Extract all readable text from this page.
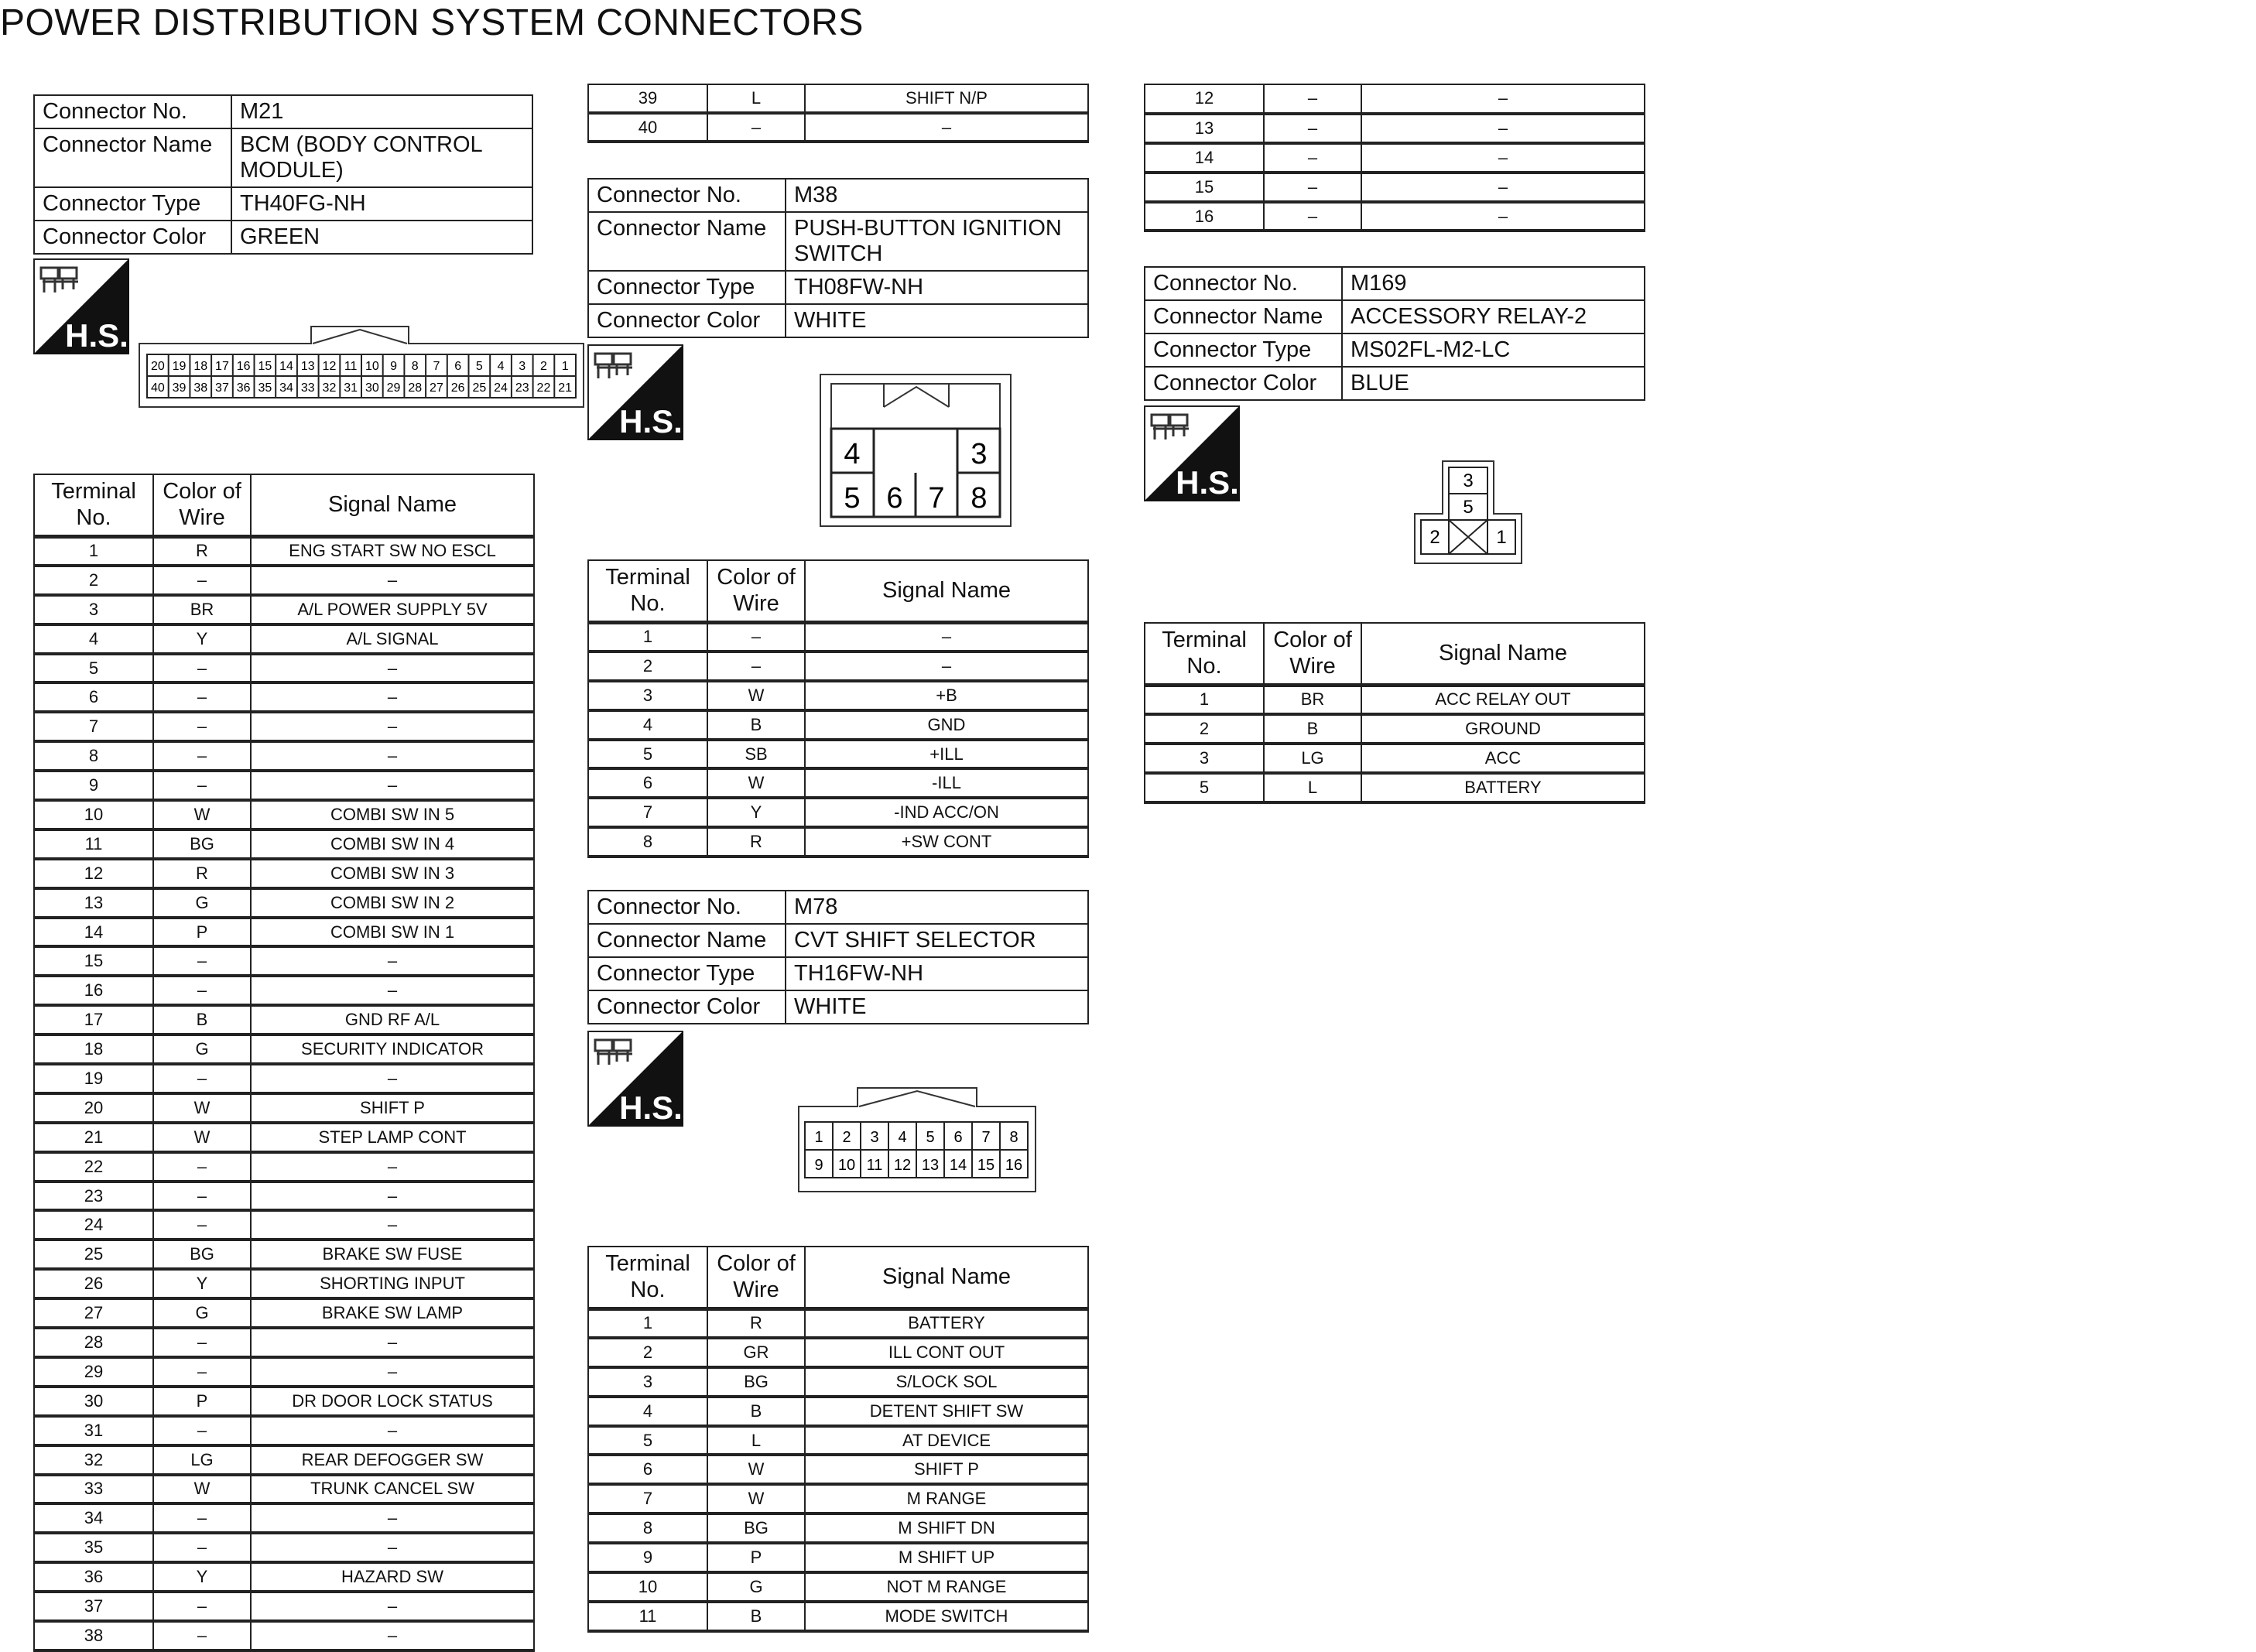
POWER DISTRIBUTION SYSTEM CONNECTORS
Connector No.	M21
Connector Name	BCM (BODY CONTROL MODULE)
Connector Type	TH40FG-NH
Connector Color	GREEN
H.S.
20 19 18 17 16 15 14 13 12 11 10 9 8 7 6 5 4 3 2 1
40 39 38 37 36 35 34 33 32 31 30 29 28 27 26 25 24 23 22 21
Terminal No.	Color of Wire	Signal Name
1	R	ENG START SW NO ESCL
2	–	–
3	BR	A/L POWER SUPPLY 5V
4	Y	A/L SIGNAL
5	–	–
6	–	–
7	–	–
8	–	–
9	–	–
10	W	COMBI SW IN 5
11	BG	COMBI SW IN 4
12	R	COMBI SW IN 3
13	G	COMBI SW IN 2
14	P	COMBI SW IN 1
15	–	–
16	–	–
17	B	GND RF A/L
18	G	SECURITY INDICATOR
19	–	–
20	W	SHIFT P
21	W	STEP LAMP CONT
22	–	–
23	–	–
24	–	–
25	BG	BRAKE SW FUSE
26	Y	SHORTING INPUT
27	G	BRAKE SW LAMP
28	–	–
29	–	–
30	P	DR DOOR LOCK STATUS
31	–	–
32	LG	REAR DEFOGGER SW
33	W	TRUNK CANCEL SW
34	–	–
35	–	–
36	Y	HAZARD SW
37	–	–
38	–	–
39	L	SHIFT N/P
40	–	–
Connector No.	M38
Connector Name	PUSH-BUTTON IGNITION SWITCH
Connector Type	TH08FW-NH
Connector Color	WHITE
H.S.
4	3
5 6 7 8
Terminal No.	Color of Wire	Signal Name
1	–	–
2	–	–
3	W	+B
4	B	GND
5	SB	+ILL
6	W	-ILL
7	Y	-IND ACC/ON
8	R	+SW CONT
Connector No.	M78
Connector Name	CVT SHIFT SELECTOR
Connector Type	TH16FW-NH
Connector Color	WHITE
H.S.
1 2 3 4 5 6 7 8
9 10 11 12 13 14 15 16
Terminal No.	Color of Wire	Signal Name
1	R	BATTERY
2	GR	ILL CONT OUT
3	BG	S/LOCK SOL
4	B	DETENT SHIFT SW
5	L	AT DEVICE
6	W	SHIFT P
7	W	M RANGE
8	BG	M SHIFT DN
9	P	M SHIFT UP
10	G	NOT M RANGE
11	B	MODE SWITCH
12	–	–
13	–	–
14	–	–
15	–	–
16	–	–
Connector No.	M169
Connector Name	ACCESSORY RELAY-2
Connector Type	MS02FL-M2-LC
Connector Color	BLUE
H.S.	3
5
2	1
Terminal No.	Color of Wire	Signal Name
1	BR	ACC RELAY OUT
2	B	GROUND
3	LG	ACC
5	L	BATTERY
